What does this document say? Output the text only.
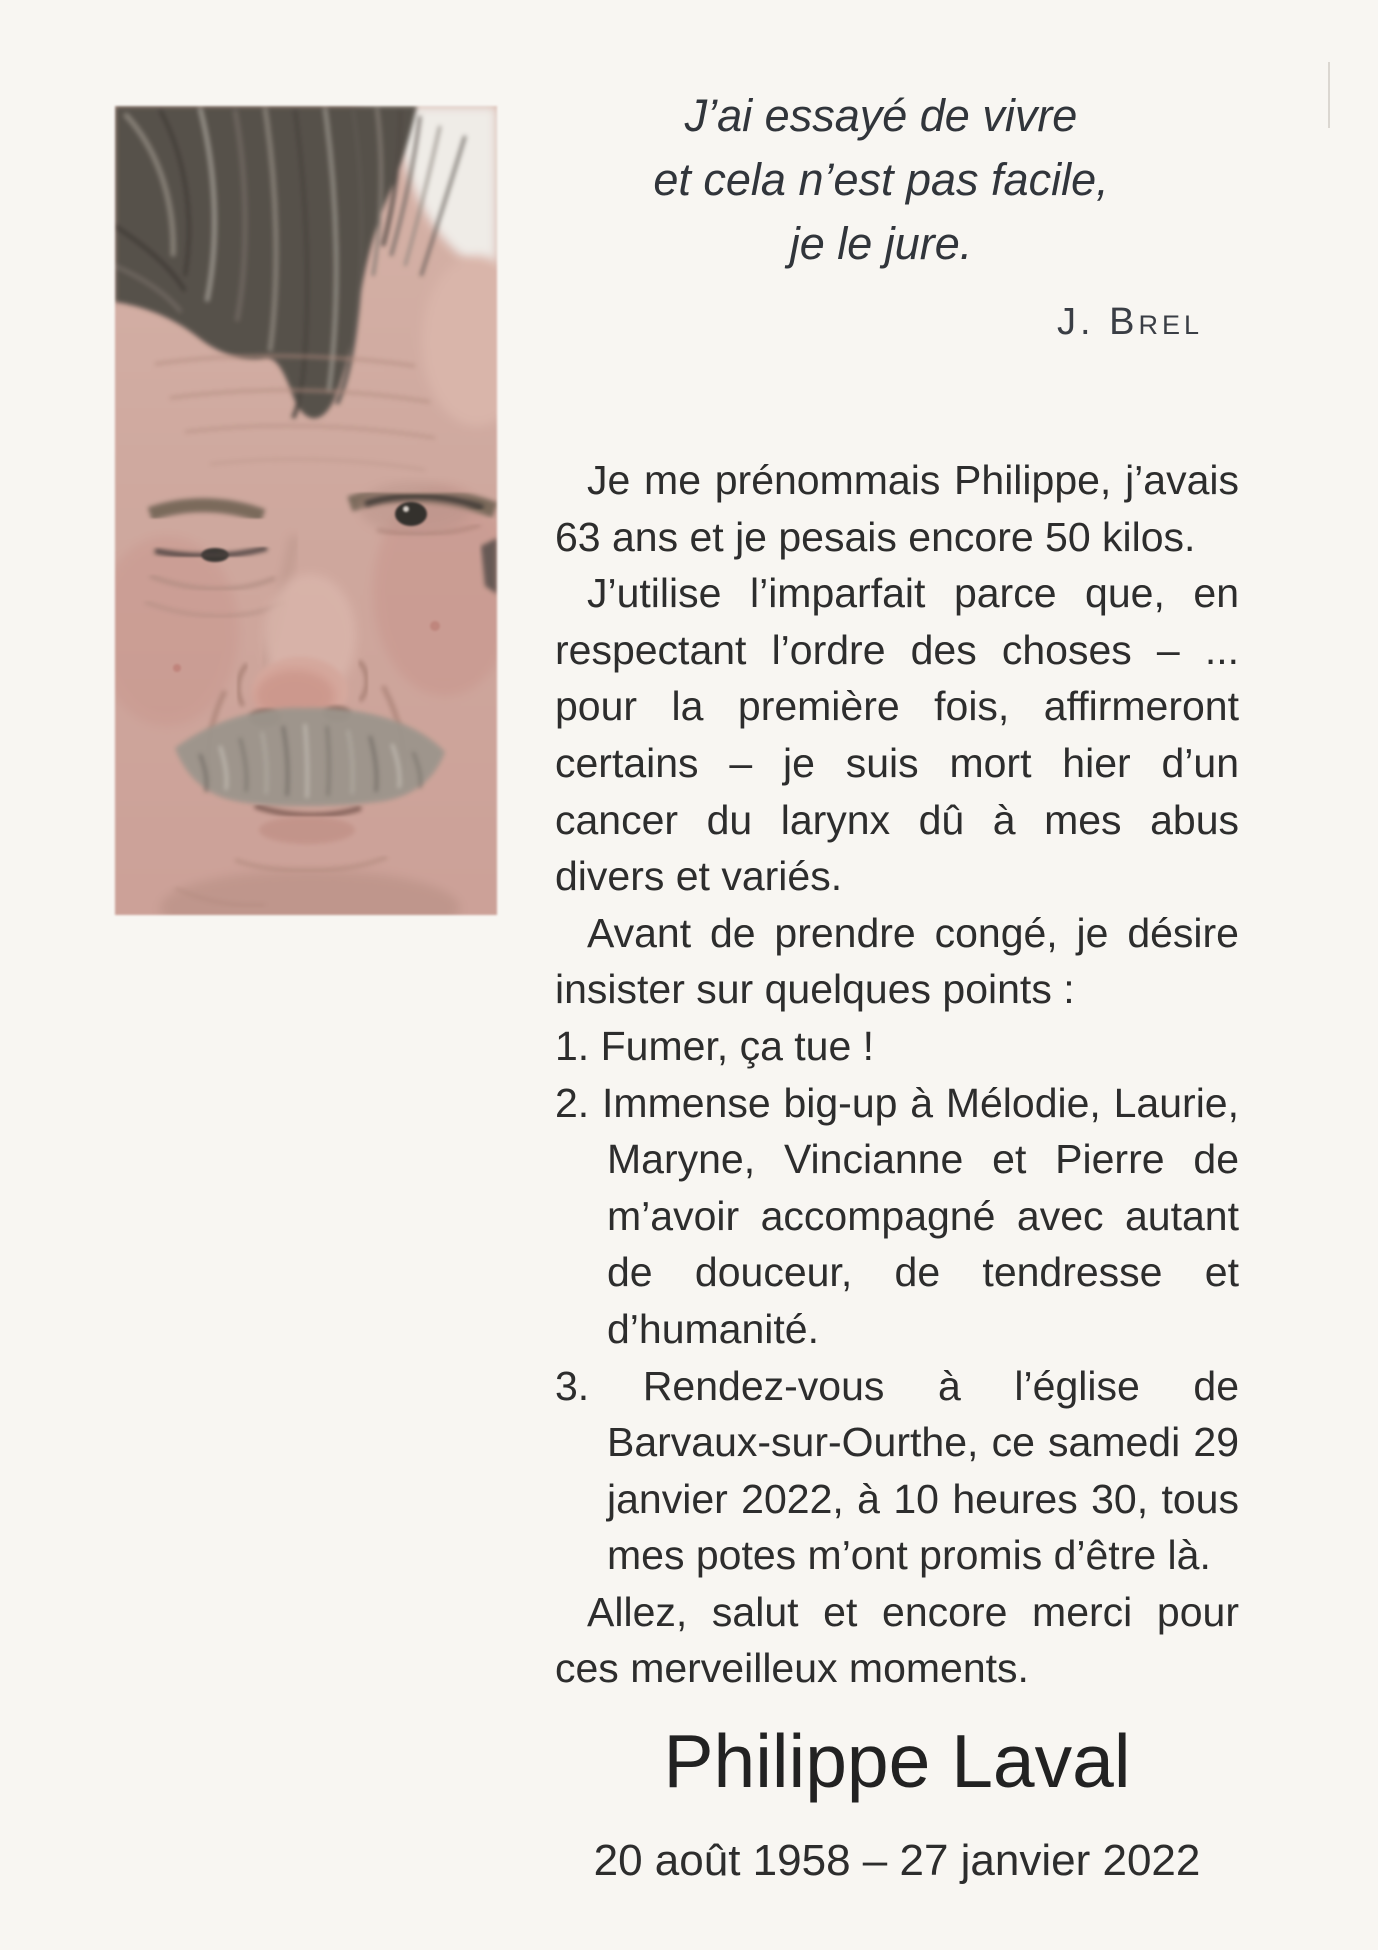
J’ai essayé de vivre
et cela n’est pas facile,
je le jure.
J. Brel

Je me prénommais Philippe, j’avais 63 ans et je pesais encore 50 kilos.

J’utilise l’imparfait parce que, en respectant l’ordre des choses – ... pour la première fois, affirmeront certains – je suis mort hier d’un cancer du larynx dû à mes abus divers et variés.

Avant de prendre congé, je désire insister sur quelques points :

1. Fumer, ça tue !
2. Immense big-up à Mélodie, Laurie, Maryne, Vincianne et Pierre de m’avoir accompagné avec autant de douceur, de tendresse et d’humanité.
3. Rendez-vous à l’église de Barvaux-sur-Ourthe, ce samedi 29 janvier 2022, à 10 heures 30, tous mes potes m’ont promis d’être là.

Allez, salut et encore merci pour ces merveilleux moments.

Philippe Laval
20 août 1958 – 27 janvier 2022
